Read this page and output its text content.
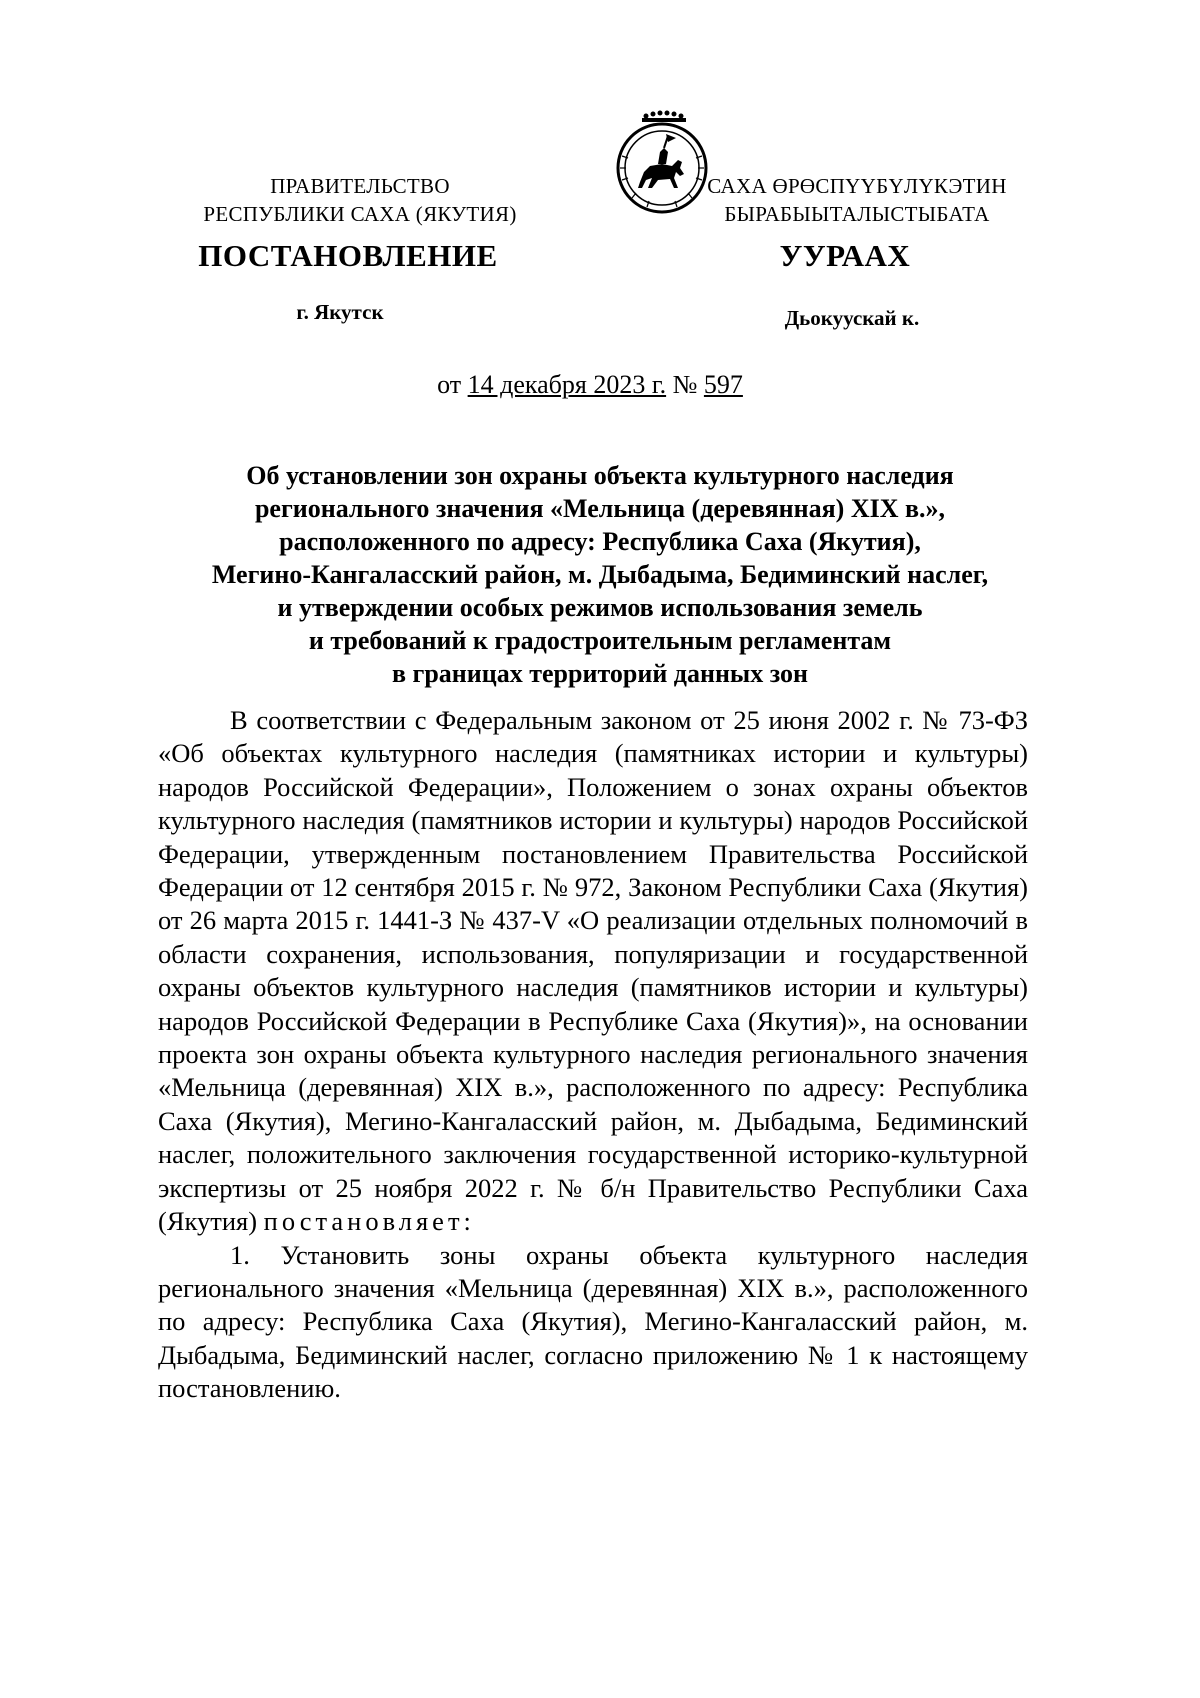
ПРАВИТЕЛЬСТВО
РЕСПУБЛИКИ САХА (ЯКУТИЯ)
САХА ӨРӨСПҮҮБҮЛҮКЭТИН
БЫРАБЫЫТАЛЫСТЫБАТА
ПОСТАНОВЛЕНИЕ	УУРААХ
г. Якутск	Дьокуускай к.
от 14 декабря 2023 г. № 597
Об установлении зон охраны объекта культурного наследия
регионального значения «Мельница (деревянная) XIX в.»,
расположенного по адресу: Республика Саха (Якутия),
Мегино-Кангаласский район, м. Дыбадыма, Бедиминский наслег,
и утверждении особых режимов использования земель
и требований к градостроительным регламентам
в границах территорий данных зон

В соответствии с Федеральным законом от 25 июня 2002 г. № 73-ФЗ «Об объектах культурного наследия (памятниках истории и культуры) народов Российской Федерации», Положением о зонах охраны объектов культурного наследия (памятников истории и культуры) народов Российской Федерации, утвержденным постановлением Правительства Российской Федерации от 12 сентября 2015 г. № 972, Законом Республики Саха (Якутия) от 26 марта 2015 г. 1441-З № 437-V «О реализации отдельных полномочий в области сохранения, использования, популяризации и государственной охраны объектов культурного наследия (памятников истории и культуры) народов Российской Федерации в Республике Саха (Якутия)», на основании проекта зон охраны объекта культурного наследия регионального значения «Мельница (деревянная) XIX в.», расположенного по адресу: Республика Саха (Якутия), Мегино-Кангаласский район, м. Дыбадыма, Бедиминский наслег, положительного заключения государственной историко-культурной экспертизы от 25 ноября 2022 г. № б/н Правительство Республики Саха (Якутия) постановляет:

1. Установить зоны охраны объекта культурного наследия регионального значения «Мельница (деревянная) XIX в.», расположенного по адресу: Республика Саха (Якутия), Мегино-Кангаласский район, м. Дыбадыма, Бедиминский наслег, согласно приложению № 1 к настоящему постановлению.
